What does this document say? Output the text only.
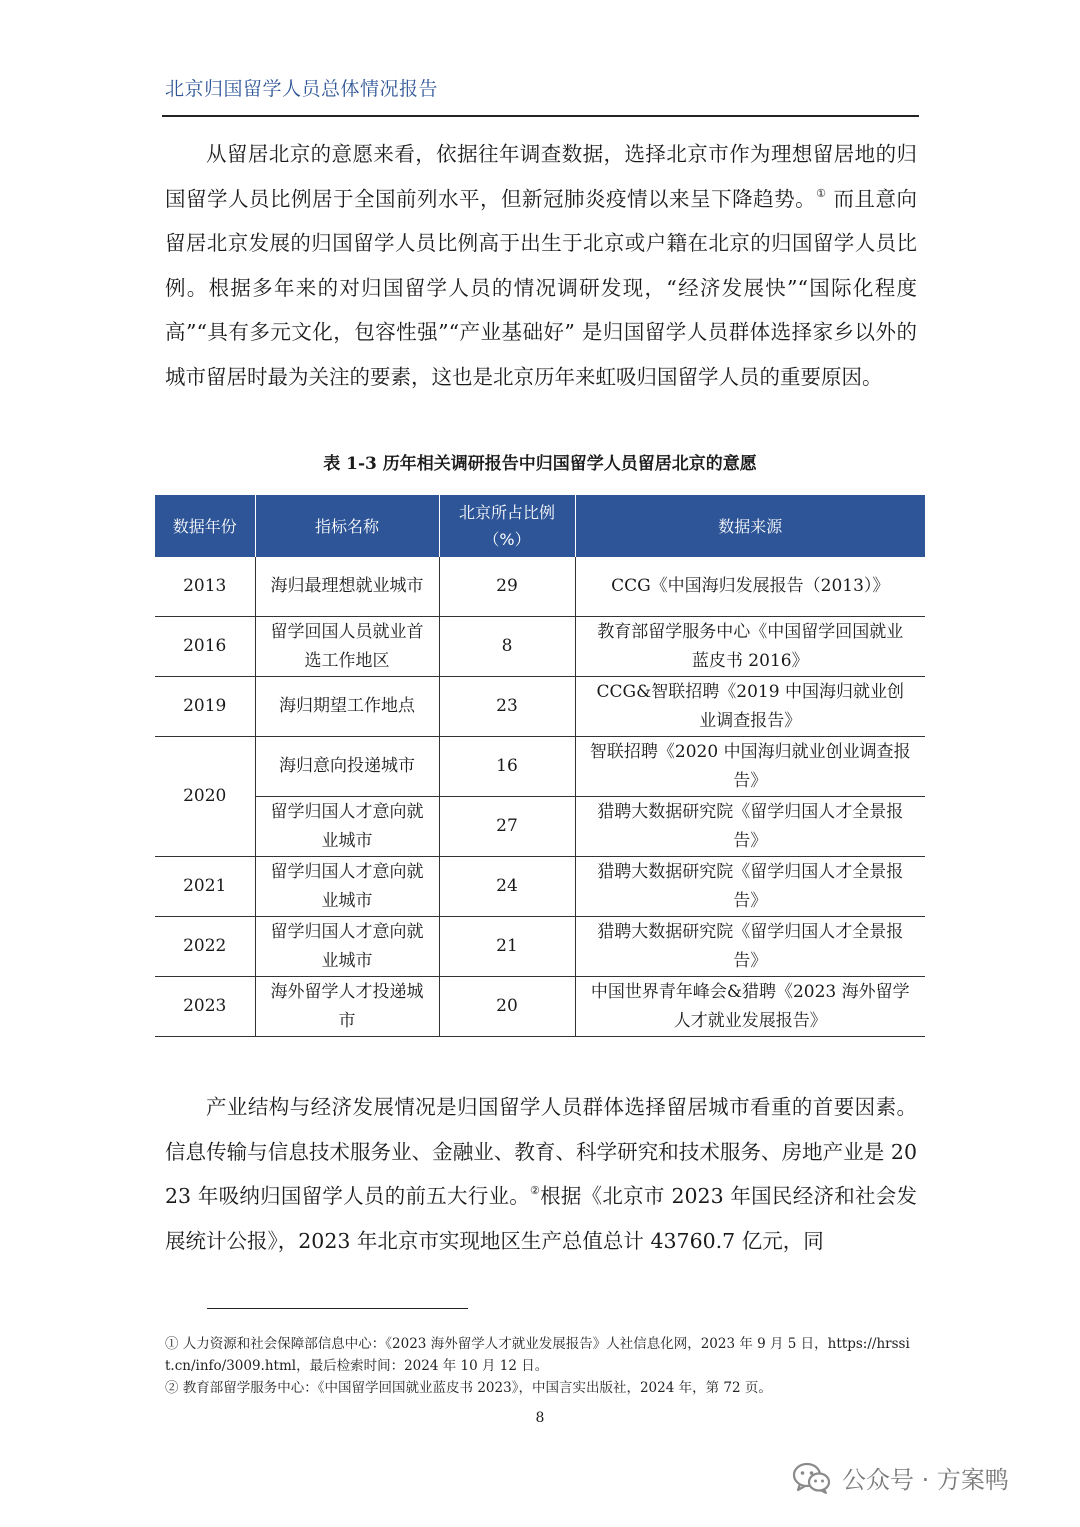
北京归国留学人员总体情况报告

从留居北京的意愿来看，依据往年调查数据，选择北京市作为理想留居地的归国留学人员比例居于全国前列水平，但新冠肺炎疫情以来呈下降趋势。① 而且意向留居北京发展的归国留学人员比例高于出生于北京或户籍在北京的归国留学人员比例。根据多年来的对归国留学人员的情况调研发现，“经济发展快”“国际化程度高”“具有多元文化，包容性强”“产业基础好” 是归国留学人员群体选择家乡以外的城市留居时最为关注的要素，这也是北京历年来虹吸归国留学人员的重要原因。

表 1-3 历年相关调研报告中归国留学人员留居北京的意愿
数据年份	指标名称	北京所占比例（%）	数据来源
2013	海归最理想就业城市	29	CCG《中国海归发展报告（2013）》
2016	留学回国人员就业首选工作地区	8	教育部留学服务中心《中国留学回国就业蓝皮书 2016》
2019	海归期望工作地点	23	CCG&智联招聘《2019 中国海归就业创业调查报告》
2020	海归意向投递城市	16	智联招聘《2020 中国海归就业创业调查报告》
	留学归国人才意向就业城市	27	猎聘大数据研究院《留学归国人才全景报告》
2021	留学归国人才意向就业城市	24	猎聘大数据研究院《留学归国人才全景报告》
2022	留学归国人才意向就业城市	21	猎聘大数据研究院《留学归国人才全景报告》
2023	海外留学人才投递城市	20	中国世界青年峰会&猎聘《2023 海外留学人才就业发展报告》

产业结构与经济发展情况是归国留学人员群体选择留居城市看重的首要因素。信息传输与信息技术服务业、金融业、教育、科学研究和技术服务、房地产业是 2023 年吸纳归国留学人员的前五大行业。②根据《北京市 2023 年国民经济和社会发展统计公报》，2023 年北京市实现地区生产总值总计 43760.7 亿元，同

① 人力资源和社会保障部信息中心：《2023 海外留学人才就业发展报告》人社信息化网，2023 年 9 月 5 日，https://hrssit.cn/info/3009.html，最后检索时间：2024 年 10 月 12 日。

② 教育部留学服务中心：《中国留学回国就业蓝皮书 2023》，中国言实出版社，2024 年，第 72 页。

8
公众号 · 方案鸭
